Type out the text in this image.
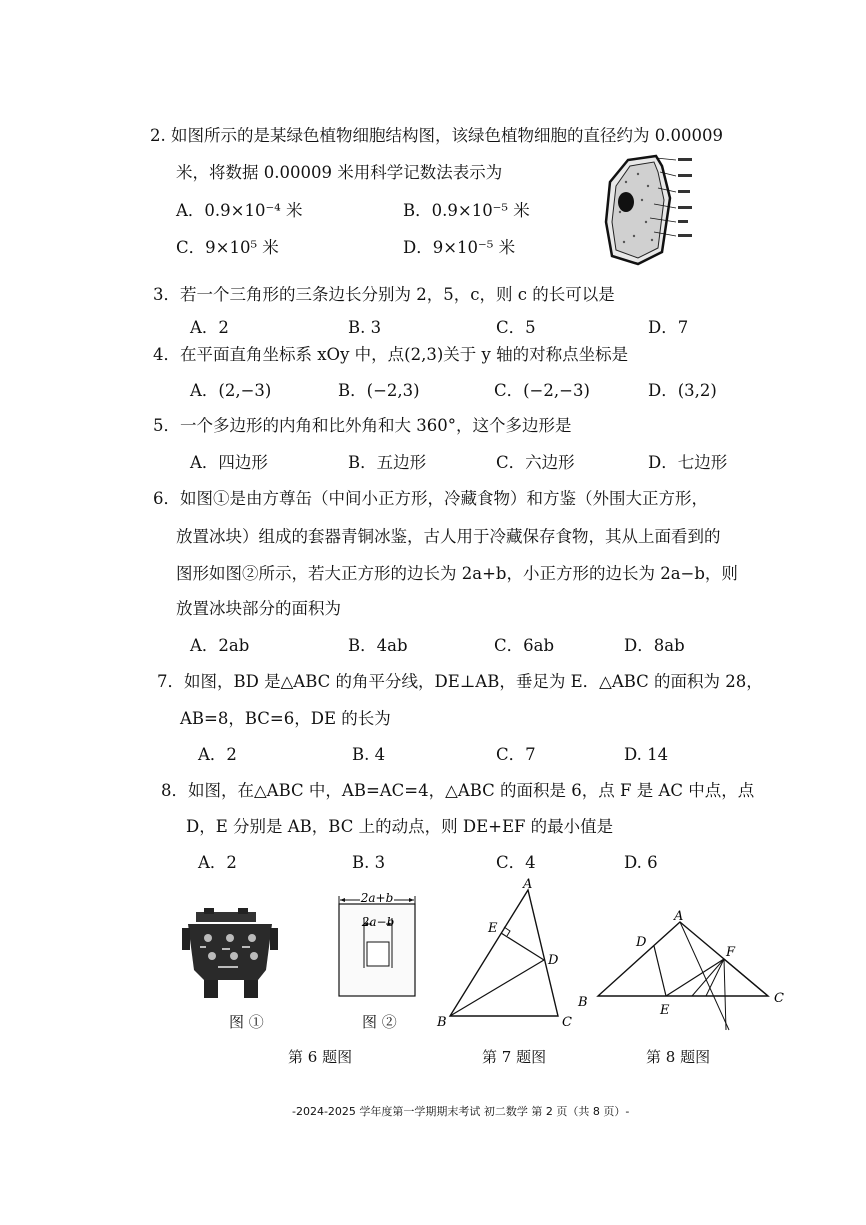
2. 如图所示的是某绿色植物细胞结构图，该绿色植物细胞的直径约为 0.00009
米，将数据 0.00009 米用科学记数法表示为
A．0.9×10⁻⁴ 米	B．0.9×10⁻⁵ 米
C．9×10⁵ 米	D．9×10⁻⁵ 米
3．若一个三角形的三条边长分别为 2，5，c，则 c 的长可以是
A．2	B. 3	C．5	D．7
4．在平面直角坐标系 xOy 中，点(2,3)关于 y 轴的对称点坐标是
A．(2,−3)	B．(−2,3)	C．(−2,−3)	D．(3,2)
5．一个多边形的内角和比外角和大 360°，这个多边形是
A．四边形	B．五边形	C．六边形	D．七边形
6．如图①是由方尊缶（中间小正方形，冷藏食物）和方鉴（外围大正方形，
放置冰块）组成的套器青铜冰鉴，古人用于冷藏保存食物，其从上面看到的
图形如图②所示，若大正方形的边长为 2a+b，小正方形的边长为 2a−b，则
放置冰块部分的面积为
A．2ab	B．4ab	C．6ab	D．8ab
7．如图，BD 是△ABC 的角平分线，DE⊥AB，垂足为 E．△ABC 的面积为 28，
AB=8，BC=6，DE 的长为
A．2	B. 4	C．7	D. 14
8．如图，在△ABC 中，AB=AC=4，△ABC 的面积是 6，点 F 是 AC 中点，点
D，E 分别是 AB，BC 上的动点，则 DE+EF 的最小值是
A．2	B. 3	C．4	D. 6
图 ①
2a+b
2a−b
图 ②
第 6 题图
A
B	C
D
E
第 7 题图
A
B	C
D
E
F
第 8 题图
-2024-2025 学年度第一学期期末考试 初二数学 第 2 页（共 8 页）-
